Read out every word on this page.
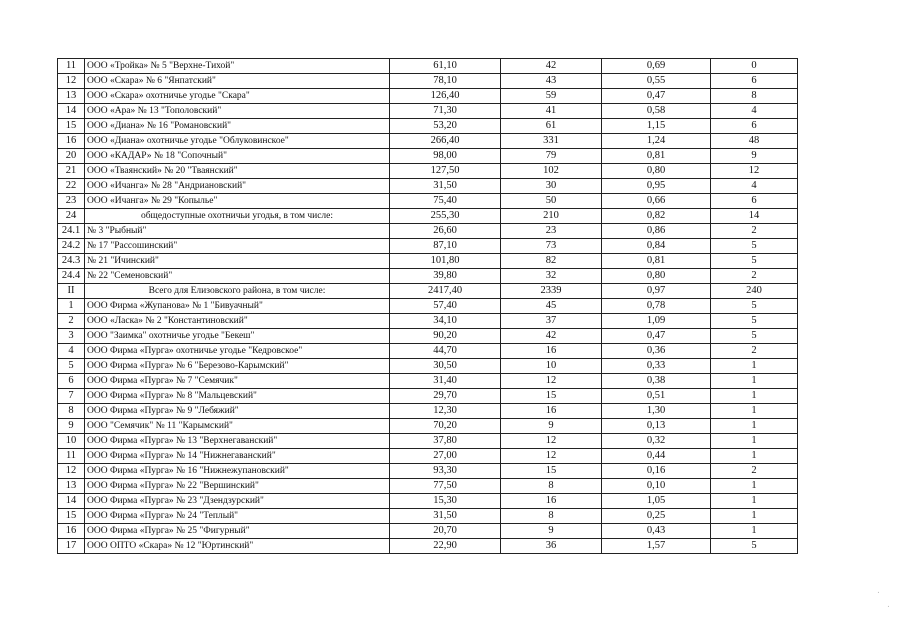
11	ООО «Тройка» № 5 "Верхне-Тихой"	61,10	42	0,69	0
12	ООО «Скара» № 6 "Янпатский"	78,10	43	0,55	6
13	ООО «Скара» охотничье угодье "Скара"	126,40	59	0,47	8
14	ООО «Ара» № 13 "Тополовский"	71,30	41	0,58	4
15	ООО «Диана» № 16 "Романовский"	53,20	61	1,15	6
16	ООО «Диана» охотничье угодье "Облуковинское"	266,40	331	1,24	48
20	ООО «КАДАР» № 18 "Сопочный"	98,00	79	0,81	9
21	ООО «Тваянский» № 20 "Тваянский"	127,50	102	0,80	12
22	ООО «Ичанга» № 28 "Андриановский"	31,50	30	0,95	4
23	ООО «Ичанга» № 29 "Копылье"	75,40	50	0,66	6
24	общедоступные охотничьи угодья, в том числе:	255,30	210	0,82	14
24.1	№ 3 "Рыбный"	26,60	23	0,86	2
24.2	№ 17 "Рассошинский"	87,10	73	0,84	5
24.3	№ 21 "Ичинский"	101,80	82	0,81	5
24.4	№ 22 "Семеновский"	39,80	32	0,80	2
II	Всего для Елизовского района, в том числе:	2417,40	2339	0,97	240
1	ООО Фирма «Жупанова» № 1 "Бивуачный"	57,40	45	0,78	5
2	ООО «Ласка» № 2 "Константиновский"	34,10	37	1,09	5
3	ООО "Заимка" охотничье угодье "Бекеш"	90,20	42	0,47	5
4	ООО Фирма «Пурга» охотничье угодье "Кедровское"	44,70	16	0,36	2
5	ООО Фирма «Пурга» № 6 "Березово-Карымский"	30,50	10	0,33	1
6	ООО Фирма «Пурга» № 7 "Семячик"	31,40	12	0,38	1
7	ООО Фирма «Пурга» № 8 "Мальцевский"	29,70	15	0,51	1
8	ООО Фирма «Пурга» № 9 "Лебяжий"	12,30	16	1,30	1
9	ООО "Семячик" № 11 "Карымский"	70,20	9	0,13	1
10	ООО Фирма «Пурга» № 13 "Верхнегаванский"	37,80	12	0,32	1
11	ООО Фирма «Пурга» № 14 "Нижнегаванский"	27,00	12	0,44	1
12	ООО Фирма «Пурга» № 16 "Нижнежупановский"	93,30	15	0,16	2
13	ООО Фирма «Пурга» № 22 "Вершинский"	77,50	8	0,10	1
14	ООО Фирма «Пурга» № 23 "Дзендзурский"	15,30	16	1,05	1
15	ООО Фирма «Пурга» № 24 "Теплый"	31,50	8	0,25	1
16	ООО Фирма «Пурга» № 25 "Фигурный"	20,70	9	0,43	1
17	ООО ОПТО «Скара» № 12 "Юртинский"	22,90	36	1,57	5
.
.
